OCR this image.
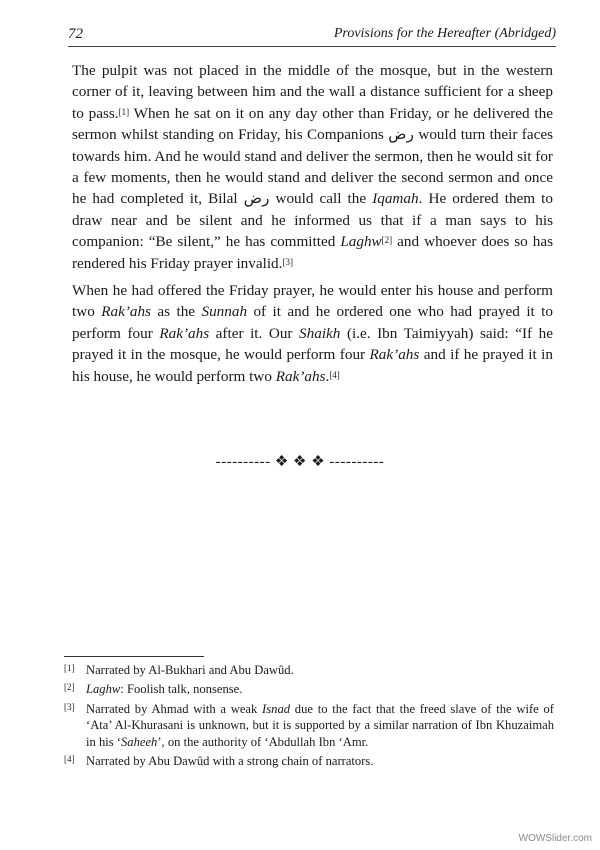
72	Provisions for the Hereafter (Abridged)

The pulpit was not placed in the middle of the mosque, but in the western corner of it, leaving between him and the wall a distance sufficient for a sheep to pass.[1] When he sat on it on any day other than Friday, or he delivered the sermon whilst standing on Friday, his Companions رض would turn their faces towards him. And he would stand and deliver the sermon, then he would sit for a few moments, then he would stand and deliver the second sermon and once he had completed it, Bilal رض would call the Iqamah. He ordered them to draw near and be silent and he informed us that if a man says to his companion: “Be silent,” he has committed Laghw[2] and whoever does so has rendered his Friday prayer invalid.[3]

When he had offered the Friday prayer, he would enter his house and perform two Rak’ahs as the Sunnah of it and he ordered one who had prayed it to perform four Rak’ahs after it. Our Shaikh (i.e. Ibn Taimiyyah) said: “If he prayed it in the mosque, he would perform four Rak’ahs and if he prayed it in his house, he would perform two Rak’ahs.[4]

---------- ❖ ❖ ❖ ----------
[1] Narrated by Al-Bukhari and Abu Dawûd.
[2] Laghw: Foolish talk, nonsense.
[3] Narrated by Ahmad with a weak Isnad due to the fact that the freed slave of the wife of ‘Ata’ Al-Khurasani is unknown, but it is supported by a similar narration of Ibn Khuzaimah in his ‘Saheeh’, on the authority of ‘Abdullah Ibn ‘Amr.
[4] Narrated by Abu Dawûd with a strong chain of narrators.
WOWSlider.com
